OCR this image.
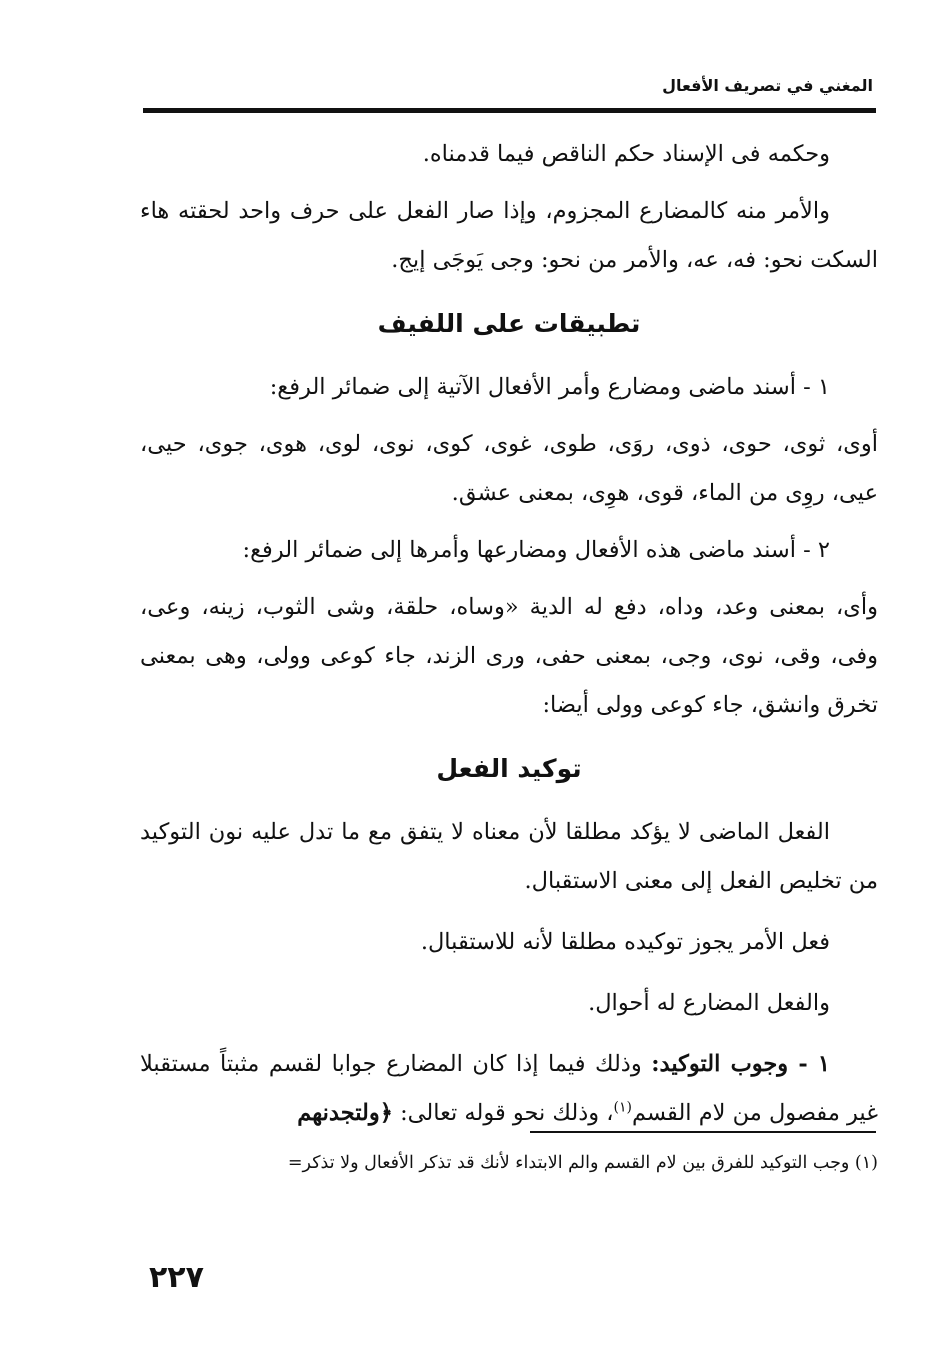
المغني في تصريف الأفعال

وحكمه فى الإسناد حكم الناقص فيما قدمناه.

والأمر منه كالمضارع المجزوم، وإذا صار الفعل على حرف واحد لحقته هاء السكت نحو: فه، عه، والأمر من نحو: وجى يَوجَى إيج.

تطبيقات على اللفيف

١ - أسند ماضى ومضارع وأمر الأفعال الآتية إلى ضمائر الرفع:

أوى، ثوى، حوى، ذوى، روَى، طوى، غوى، كوى، نوى، لوى، هوى، جوى، حيى، عيى، روِى من الماء، قوى، هوِى، بمعنى عشق.

٢ - أسند ماضى هذه الأفعال ومضارعها وأمرها إلى ضمائر الرفع:

وأى، بمعنى وعد، وداه، دفع له الدية «وساه، حلقة، وشى الثوب، زينه، وعى، وفى، وقى، نوى، وجى، بمعنى حفى، ورى الزند، جاء كوعى وولى، وهى بمعنى تخرق وانشق، جاء كوعى وولى أيضا:

توكيد الفعل

الفعل الماضى لا يؤكد مطلقا لأن معناه لا يتفق مع ما تدل عليه نون التوكيد من تخليص الفعل إلى معنى الاستقبال.

فعل الأمر يجوز توكيده مطلقا لأنه للاستقبال.

والفعل المضارع له أحوال.

١ - وجوب التوكيد: وذلك فيما إذا كان المضارع جوابا لقسم مثبتاً مستقبلا غير مفصول من لام القسم$^{(١)}$، وذلك نحو قوله تعالى: ﴿ولتجدنهم

(١) وجب التوكيد للفرق بين لام القسم والم الابتداء لأنك قد تذكر الأفعال ولا تذكر=
٢٢٧
